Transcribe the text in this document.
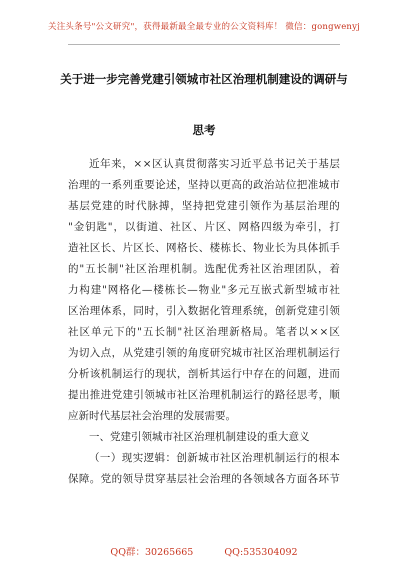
关注头条号"公文研究"，获得最新最全最专业的公文资料库！ 微信：gongwenyj
关于进一步完善党建引领城市社区治理机制建设的调研与
思考
近 年 来 ， × × 区 认 真 贯 彻 落 实 习 近 平 总 书 记 关 于 基 层
治 理 的 一 系 列 重 要 论 述 ， 坚 持 以 更 高 的 政 治 站 位 把 准 城 市
基 层 党 建 的 时 代 脉 搏 ， 坚 持 把 党 建 引 领 作 为 基 层 治 理 的
" 金 钥 匙 " ， 以 街 道 、 社 区 、 片 区 、 网 格 四 级 为 牵 引 ， 打
造 社 区 长 、 片 区 长 、 网 格 长 、 楼 栋 长 、 物 业 长 为 具 体 抓 手
的 " 五 长 制 " 社 区 治 理 机 制 。 选 配 优 秀 社 区 治 理 团 队 ， 着
力 构 建 " 网 格 化 — 楼 栋 长 — 物 业 " 多 元 互 嵌 式 新 型 城 市 社
区 治 理 体 系 ， 同 时 ， 引 入 数 据 化 管 理 系 统 ， 创 新 党 建 引 领
社 区 单 元 下 的 " 五 长 制 " 社 区 治 理 新 格 局 。 笔 者 以 × × 区
为 切 入 点 ， 从 党 建 引 领 的 角 度 研 究 城 市 社 区 治 理 机 制 运 行
分 析 该 机 制 运 行 的 现 状 ， 剖 析 其 运 行 中 存 在 的 问 题 ， 进 而
提 出 推 进 党 建 引 领 城 市 社 区 治 理 机 制 运 行 的 路 径 思 考 ， 顺
应新时代基层社会治理的发展需要。
一、党建引领城市社区治理机制建设的重大意义
（ 一 ） 现 实 逻 辑 ： 创 新 城 市 社 区 治 理 机 制 运 行 的 根 本
保 障 。 党 的 领 导 贯 穿 基 层 社 会 治 理 的 各 领 域 各 方 面 各 环 节
QQ群：30265665	QQ:535304092
